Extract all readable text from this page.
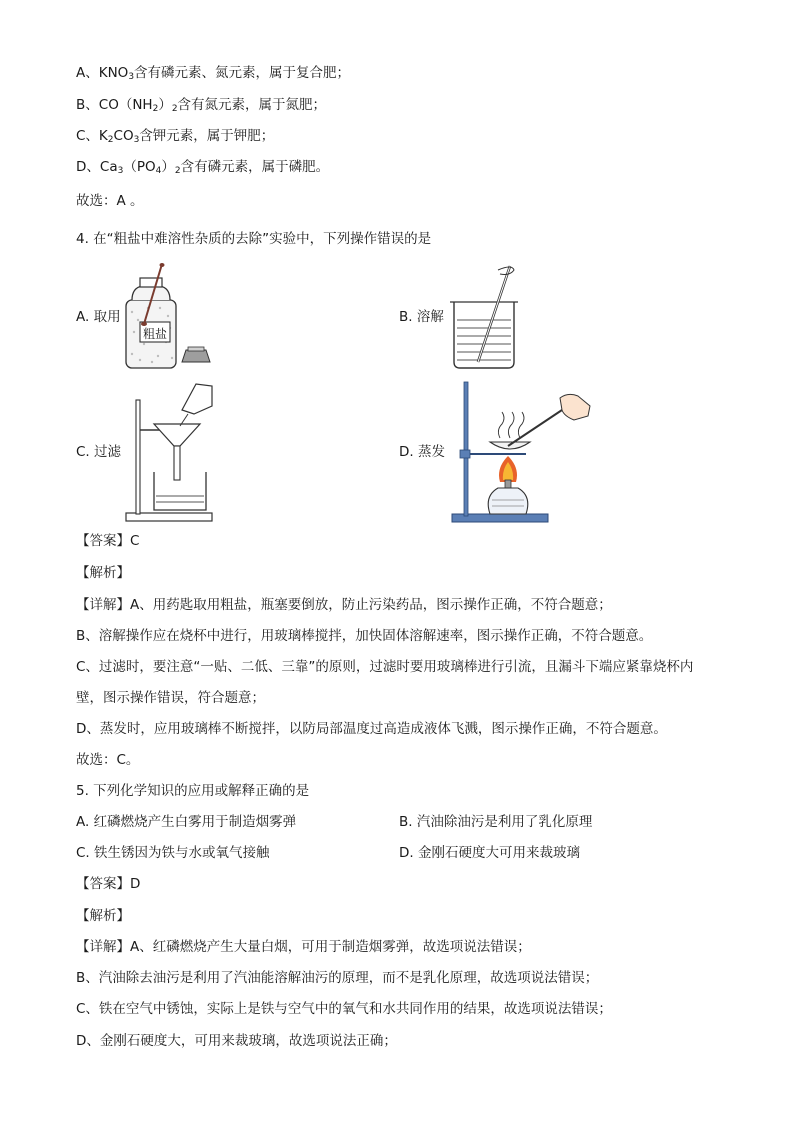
A、$KNO_3$含有磷元素、氮元素，属于复合肥；
B、$CO(NH_2)_2$含有氮元素，属于氮肥；
C、$K_2CO_3$含钾元素，属于钾肥；
D、$Ca_3(PO_4)_2$含有磷元素，属于磷肥。
故选：A 。
4. 在“粗盐中难溶性杂质的去除”实验中，下列操作错误的是
A. 取用	B. 溶解
C. 过滤	D. 蒸发
粗盐
【答案】C
【解析】
【详解】A、用药匙取用粗盐，瓶塞要倒放，防止污染药品，图示操作正确，不符合题意；
B、溶解操作应在烧杯中进行，用玻璃棒搅拌，加快固体溶解速率，图示操作正确，不符合题意。
C、过滤时，要注意“一贴、二低、三靠”的原则，过滤时要用玻璃棒进行引流，且漏斗下端应紧靠烧杯内壁，图示操作错误，符合题意；
D、蒸发时，应用玻璃棒不断搅拌，以防局部温度过高造成液体飞溅，图示操作正确，不符合题意。
故选：C。
5. 下列化学知识的应用或解释正确的是
A. 红磷燃烧产生白雾用于制造烟雾弹	B. 汽油除油污是利用了乳化原理
C. 铁生锈因为铁与水或氧气接触	D. 金刚石硬度大可用来裁玻璃
【答案】D
【解析】
【详解】A、红磷燃烧产生大量白烟，可用于制造烟雾弹，故选项说法错误；
B、汽油除去油污是利用了汽油能溶解油污的原理，而不是乳化原理，故选项说法错误；
C、铁在空气中锈蚀，实际上是铁与空气中的氧气和水共同作用的结果，故选项说法错误；
D、金刚石硬度大，可用来裁玻璃，故选项说法正确；
